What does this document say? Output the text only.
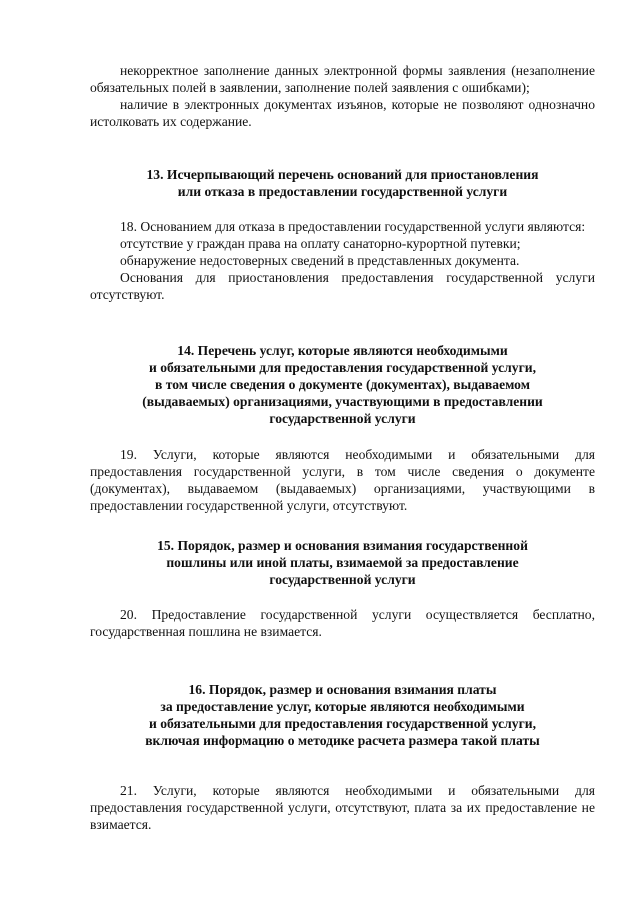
некорректное заполнение данных электронной формы заявления (незаполнение обязательных полей в заявлении, заполнение полей заявления с ошибками);

наличие в электронных документах изъянов, которые не позволяют однозначно истолковать их содержание.

13. Исчерпывающий перечень оснований для приостановления
или отказа в предоставлении государственной услуги

18. Основанием для отказа в предоставлении государственной услуги являются:

отсутствие у граждан права на оплату санаторно-курортной путевки;

обнаружение недостоверных сведений в представленных документа.

Основания для приостановления предоставления государственной услуги отсутствуют.

14. Перечень услуг, которые являются необходимыми
и обязательными для предоставления государственной услуги,
в том числе сведения о документе (документах), выдаваемом
(выдаваемых) организациями, участвующими в предоставлении
государственной услуги

19. Услуги, которые являются необходимыми и обязательными для предоставления государственной услуги, в том числе сведения о документе (документах), выдаваемом (выдаваемых) организациями, участвующими в предоставлении государственной услуги, отсутствуют.

15. Порядок, размер и основания взимания государственной
пошлины или иной платы, взимаемой за предоставление
государственной услуги

20. Предоставление государственной услуги осуществляется бесплатно, государственная пошлина не взимается.

16. Порядок, размер и основания взимания платы
за предоставление услуг, которые являются необходимыми
и обязательными для предоставления государственной услуги,
включая информацию о методике расчета размера такой платы

21. Услуги, которые являются необходимыми и обязательными для предоставления государственной услуги, отсутствуют, плата за их предоставление не взимается.
